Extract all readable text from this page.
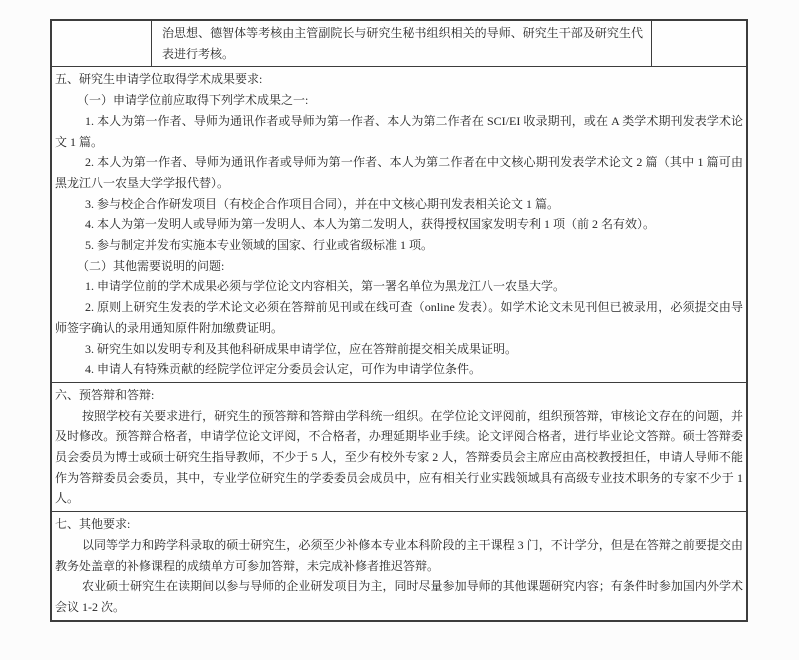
治思想、德智体等考核由主管副院长与研究生秘书组织相关的导师、研究生干部及研究生代表进行考核。

五、研究生申请学位取得学术成果要求:

（一）申请学位前应取得下列学术成果之一:

1. 本人为第一作者、导师为通讯作者或导师为第一作者、本人为第二作者在 SCI/EI 收录期刊，或在 A 类学术期刊发表学术论文 1 篇。

2. 本人为第一作者、导师为通讯作者或导师为第一作者、本人为第二作者在中文核心期刊发表学术论文 2 篇（其中 1 篇可由黑龙江八一农垦大学学报代替）。

3. 参与校企合作研发项目（有校企合作项目合同），并在中文核心期刊发表相关论文 1 篇。

4. 本人为第一发明人或导师为第一发明人、本人为第二发明人，获得授权国家发明专利 1 项（前 2 名有效）。

5. 参与制定并发布实施本专业领域的国家、行业或省级标准 1 项。

（二）其他需要说明的问题:

1. 申请学位前的学术成果必须与学位论文内容相关，第一署名单位为黑龙江八一农垦大学。

2. 原则上研究生发表的学术论文必须在答辩前见刊或在线可查（online 发表）。如学术论文未见刊但已被录用，必须提交由导师签字确认的录用通知原件附加缴费证明。

3. 研究生如以发明专利及其他科研成果申请学位，应在答辩前提交相关成果证明。

4. 申请人有特殊贡献的经院学位评定分委员会认定，可作为申请学位条件。

六、预答辩和答辩:

按照学校有关要求进行，研究生的预答辩和答辩由学科统一组织。在学位论文评阅前，组织预答辩，审核论文存在的问题，并及时修改。预答辩合格者，申请学位论文评阅，不合格者，办理延期毕业手续。论文评阅合格者，进行毕业论文答辩。硕士答辩委员会委员为博士或硕士研究生指导教师，不少于 5 人，至少有校外专家 2 人，答辩委员会主席应由高校教授担任，申请人导师不能作为答辩委员会委员，其中，专业学位研究生的学委委员会成员中，应有相关行业实践领域具有高级专业技术职务的专家不少于 1 人。

七、其他要求:

以同等学力和跨学科录取的硕士研究生，必须至少补修本专业本科阶段的主干课程 3 门，不计学分，但是在答辩之前要提交由教务处盖章的补修课程的成绩单方可参加答辩，未完成补修者推迟答辩。

农业硕士研究生在读期间以参与导师的企业研发项目为主，同时尽量参加导师的其他课题研究内容；有条件时参加国内外学术会议 1-2 次。
